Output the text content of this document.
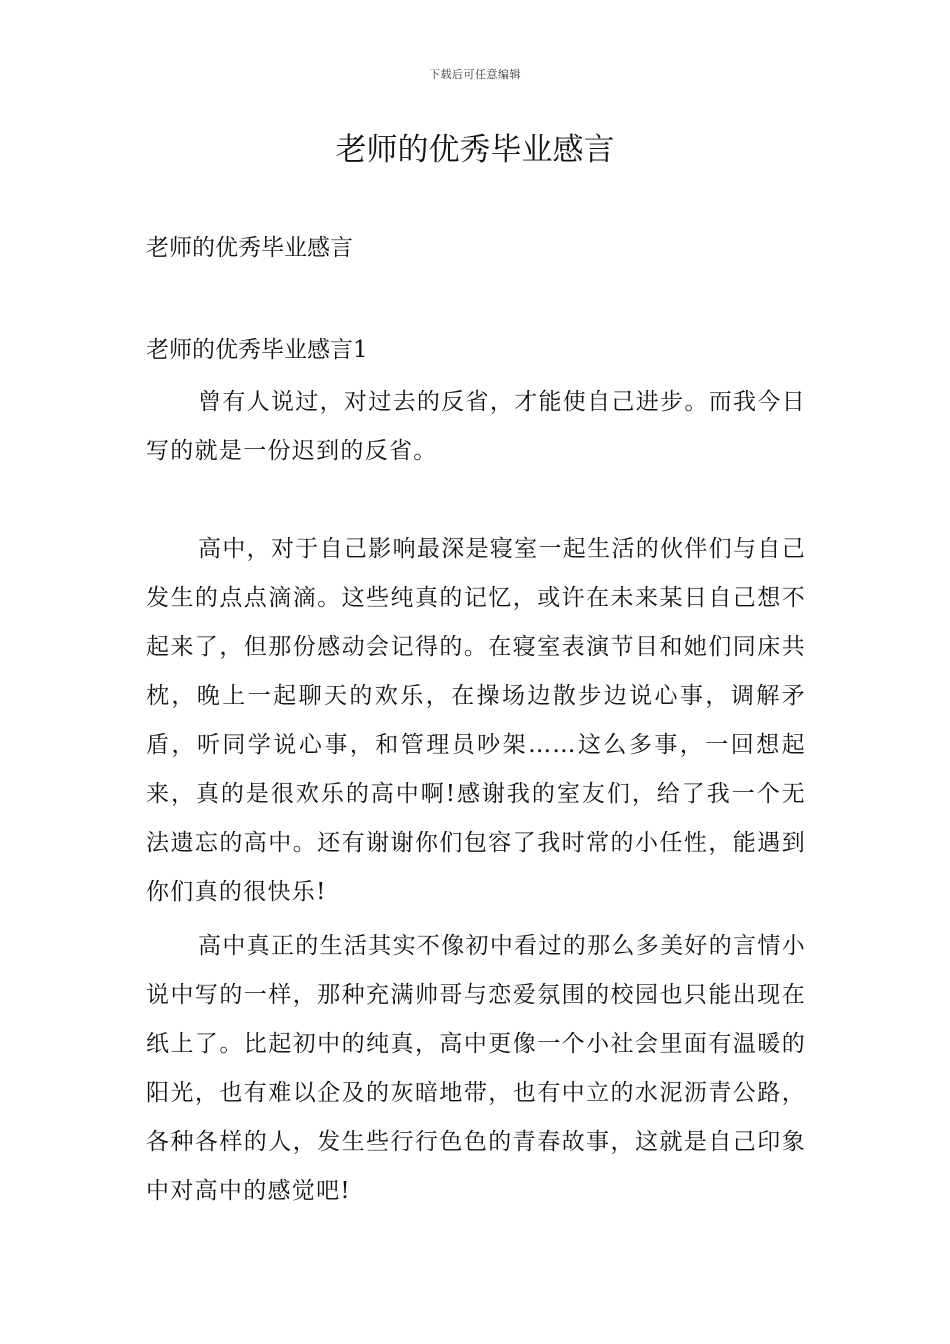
下载后可任意编辑
老师的优秀毕业感言

老师的优秀毕业感言

老师的优秀毕业感言1

曾有人说过，对过去的反省，才能使自己进步。而我今日写的就是一份迟到的反省。

高中，对于自己影响最深是寝室一起生活的伙伴们与自己发生的点点滴滴。这些纯真的记忆，或许在未来某日自己想不起来了，但那份感动会记得的。在寝室表演节目和她们同床共枕，晚上一起聊天的欢乐，在操场边散步边说心事，调解矛盾，听同学说心事，和管理员吵架……这么多事，一回想起来，真的是很欢乐的高中啊!感谢我的室友们，给了我一个无法遗忘的高中。还有谢谢你们包容了我时常的小任性，能遇到你们真的很快乐!

高中真正的生活其实不像初中看过的那么多美好的言情小说中写的一样，那种充满帅哥与恋爱氛围的校园也只能出现在纸上了。比起初中的纯真，高中更像一个小社会里面有温暖的阳光，也有难以企及的灰暗地带，也有中立的水泥沥青公路，各种各样的人，发生些行行色色的青春故事，这就是自己印象中对高中的感觉吧!
